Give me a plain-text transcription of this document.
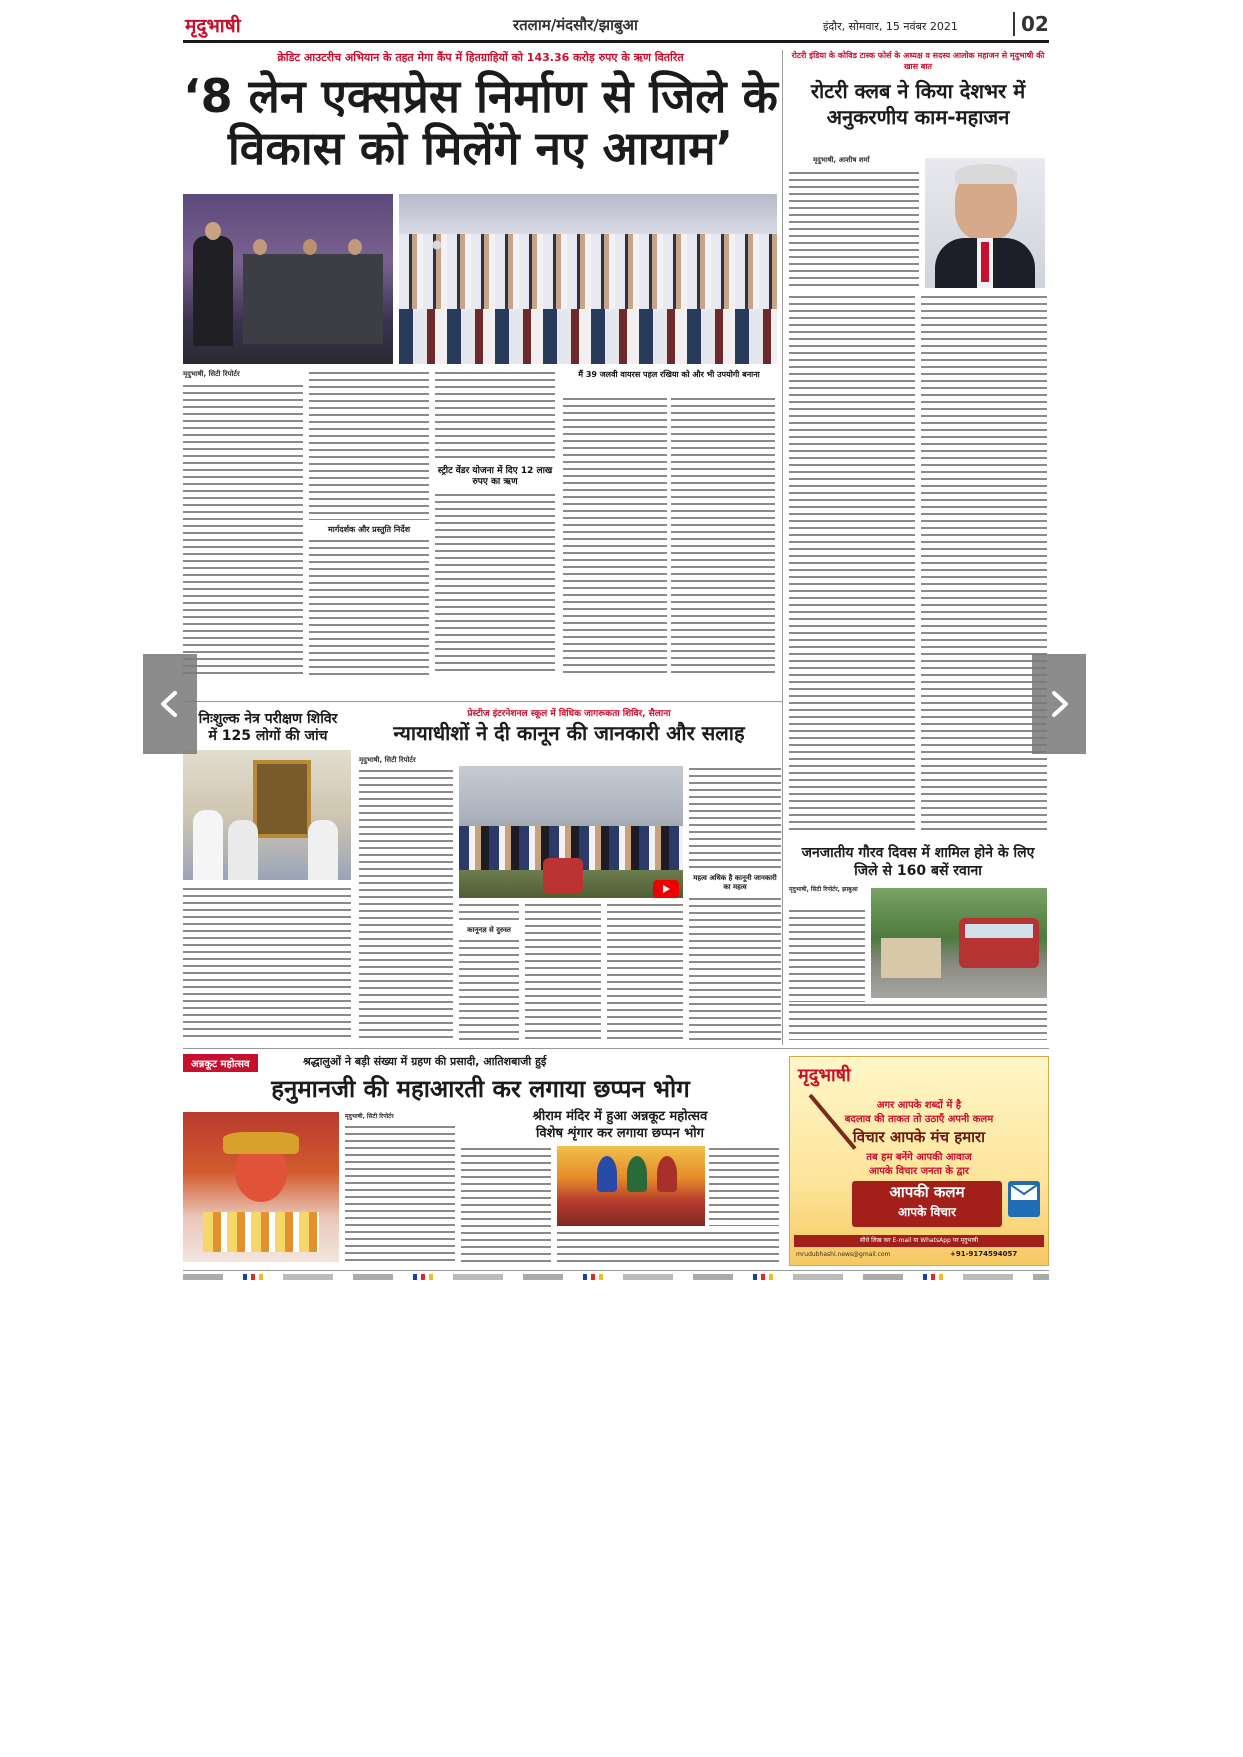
मृदुभाषी	रतलाम/मंदसौर/झाबुआ	इंदौर, सोमवार, 15 नवंबर 2021	02
क्रेडिट आउटरीच अभियान के तहत मेगा कैंप में हितग्राहियों को 143.36 करोड़ रुपए के ऋण वितरित
‘8 लेन एक्सप्रेस निर्माण से जिले के
विकास को मिलेंगे नए आयाम’
मृदुभाषी, सिटी रिपोर्टर
मार्गदर्शक और प्रस्तुति निर्देश
स्ट्रीट वेंडर योजना में दिए 12 लाख रुपए का ऋण
मैं 39 जलवी वायरस पहल रखिया को और भी उपयोगी बनाना
रोटरी इंडिया के कोविड टास्क फोर्स के अध्यक्ष व सदस्य आलोक महाजन से मृदुभाषी की खास बात
रोटरी क्लब ने किया देशभर में अनुकरणीय काम-महाजन
मृदुभाषी, आशीष शर्मा
जनजातीय गौरव दिवस में शामिल होने के लिए जिले से 160 बसें रवाना
मृदुभाषी, सिटी रिपोर्टर, झाबुआ
निःशुल्क नेत्र परीक्षण शिविर
में 125 लोगों की जांच
प्रेस्टीज इंटरनेशनल स्कूल में विधिक जागरूकता शिविर, सैलाना
न्यायाधीशों ने दी कानून की जानकारी और सलाह
मृदुभाषी, सिटी रिपोर्टर
महत्व अधिक है कानूनी जानकारी का महत्व
कानूनज्ञ से दुरुस्त
अन्नकूट महोत्सव	श्रद्धालुओं ने बड़ी संख्या में ग्रहण की प्रसादी, आतिशबाजी हुई
हनुमानजी की महाआरती कर लगाया छप्पन भोग
मृदुभाषी, सिटी रिपोर्टर	श्रीराम मंदिर में हुआ अन्नकूट महोत्सव
विशेष शृंगार कर लगाया छप्पन भोग
मृदुभाषी
अगर आपके शब्दों में है
बदलाव की ताकत तो उठाएँ अपनी कलम
विचार आपके मंच हमारा
तब हम बनेंगे आपकी आवाज
आपके विचार जनता के द्वार
आपकी कलम
आपके विचार
सीधे लिख कर E-mail या WhatsApp पर मृदुभाषी
mrudubhashi.news@gmail.com	+91-9174594057
